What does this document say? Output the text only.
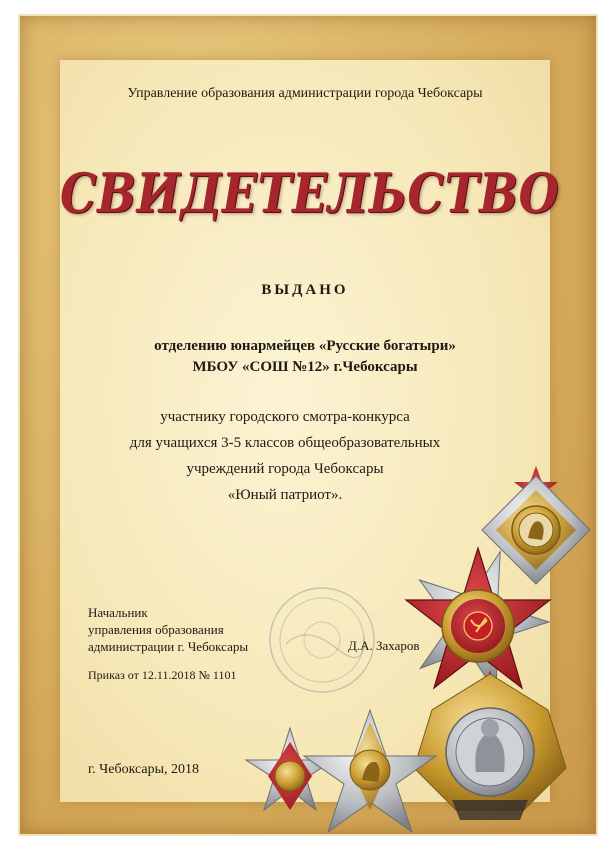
Управление образования администрации города Чебоксары
СВИДЕТЕЛЬСТВО
ВЫДАНО
отделению юнармейцев «Русские богатыри»
МБОУ «СОШ №12» г.Чебоксары
участнику городского смотра-конкурса
для учащихся 3-5 классов общеобразовательных
учреждений города Чебоксары
«Юный патриот».
Начальник
управления образования
администрации г. Чебоксары	Д.А. Захаров
Приказ от 12.11.2018 № 1101
г. Чебоксары, 2018
